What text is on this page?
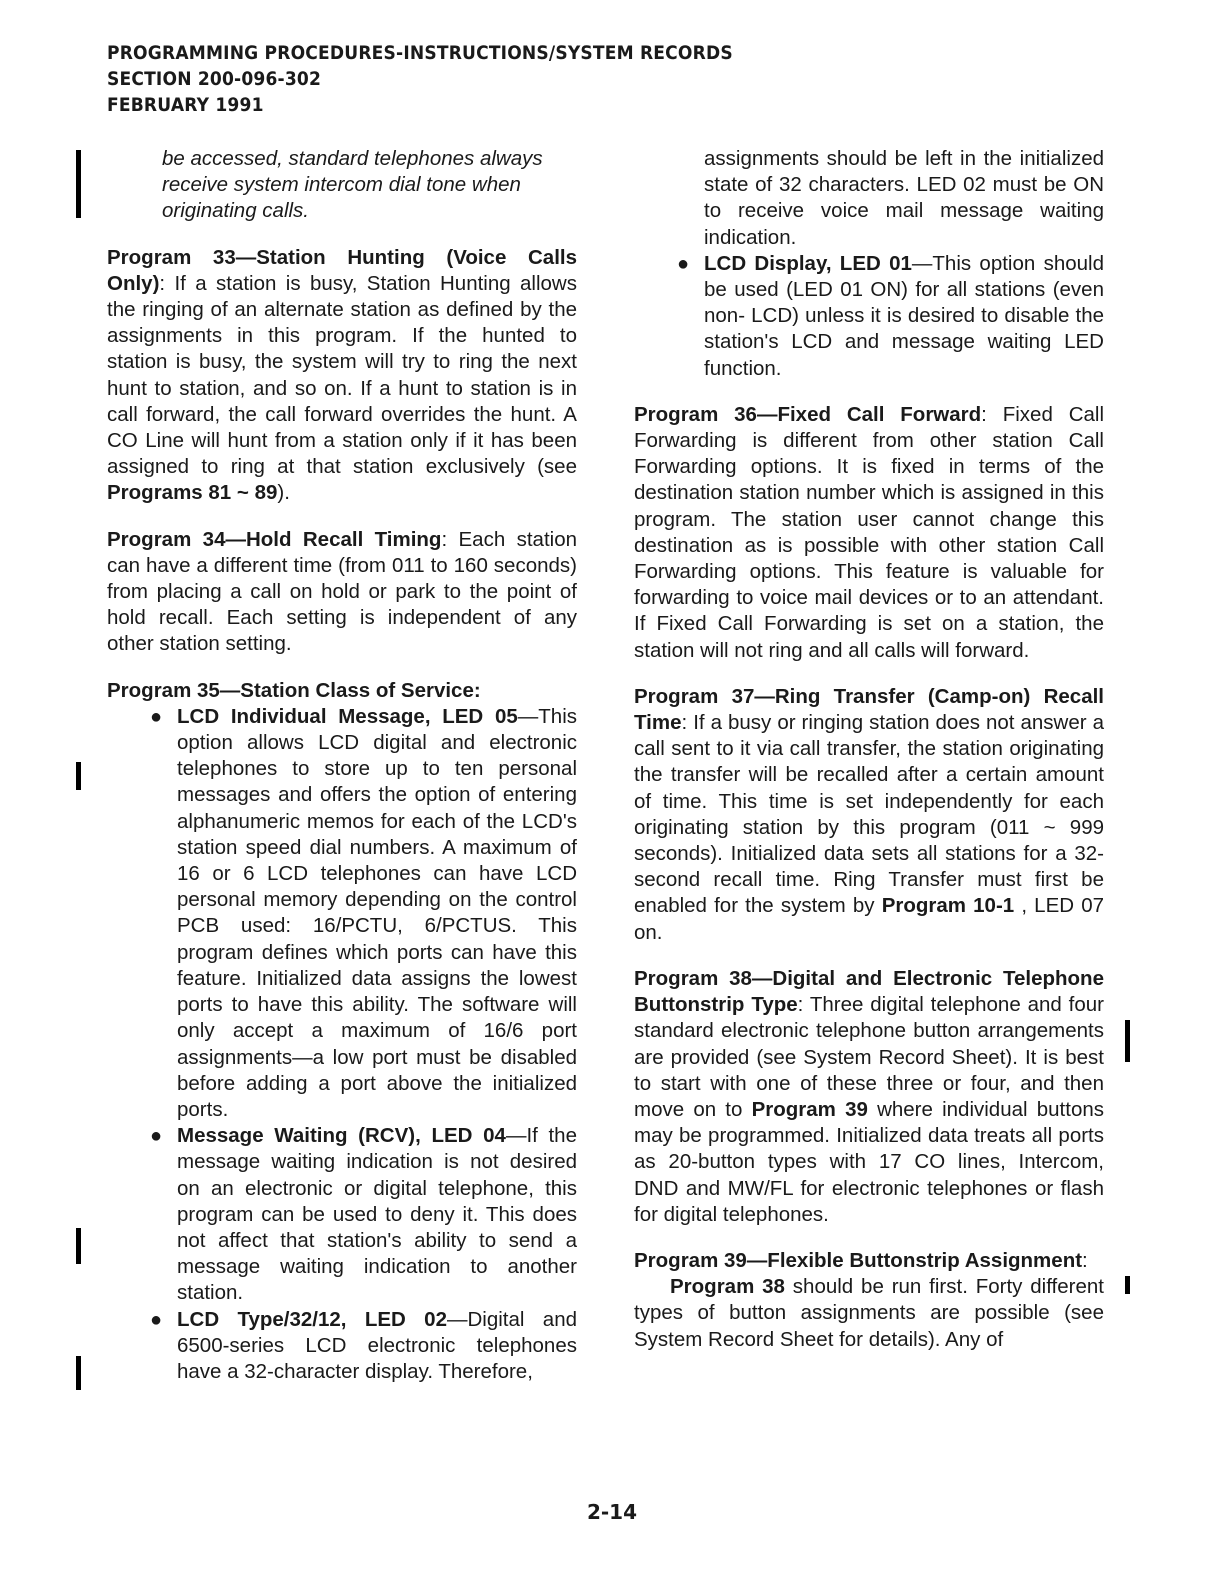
PROGRAMMING PROCEDURES-INSTRUCTIONS/SYSTEM RECORDS
SECTION 200-096-302
FEBRUARY 1991
be accessed, standard telephones always receive system intercom dial tone when originating calls.
Program 33—Station Hunting (Voice Calls Only): If a station is busy, Station Hunting allows the ringing of an alternate station as defined by the assignments in this program. If the hunted to station is busy, the system will try to ring the next hunt to station, and so on. If a hunt to station is in call forward, the call forward overrides the hunt. A CO Line will hunt from a station only if it has been assigned to ring at that station exclusively (see Programs 81 ~ 89).
Program 34—Hold Recall Timing: Each station can have a different time (from 011 to 160 seconds) from placing a call on hold or park to the point of hold recall. Each setting is independent of any other station setting.
Program 35—Station Class of Service:
● LCD Individual Message, LED 05—This option allows LCD digital and electronic telephones to store up to ten personal messages and offers the option of entering alphanumeric memos for each of the LCD's station speed dial numbers. A maximum of 16 or 6 LCD telephones can have LCD personal memory depending on the control PCB used: 16/PCTU, 6/PCTUS. This program defines which ports can have this feature. Initialized data assigns the lowest ports to have this ability. The software will only accept a maximum of 16/6 port assignments—a low port must be disabled before adding a port above the initialized ports.
● Message Waiting (RCV), LED 04—If the message waiting indication is not desired on an electronic or digital telephone, this program can be used to deny it. This does not affect that station's ability to send a message waiting indication to another station.
● LCD Type/32/12, LED 02—Digital and 6500-series LCD electronic telephones have a 32-character display. Therefore,
assignments should be left in the initialized state of 32 characters. LED 02 must be ON to receive voice mail message waiting indication.
● LCD Display, LED 01—This option should be used (LED 01 ON) for all stations (even non- LCD) unless it is desired to disable the station's LCD and message waiting LED function.
Program 36—Fixed Call Forward: Fixed Call Forwarding is different from other station Call Forwarding options. It is fixed in terms of the destination station number which is assigned in this program. The station user cannot change this destination as is possible with other station Call Forwarding options. This feature is valuable for forwarding to voice mail devices or to an attendant. If Fixed Call Forwarding is set on a station, the station will not ring and all calls will forward.
Program 37—Ring Transfer (Camp-on) Recall Time: If a busy or ringing station does not answer a call sent to it via call transfer, the station originating the transfer will be recalled after a certain amount of time. This time is set independently for each originating station by this program (011 ~ 999 seconds). Initialized data sets all stations for a 32-second recall time. Ring Transfer must first be enabled for the system by Program 10-1 , LED 07 on.
Program 38—Digital and Electronic Telephone Buttonstrip Type: Three digital telephone and four standard electronic telephone button arrangements are provided (see System Record Sheet). It is best to start with one of these three or four, and then move on to Program 39 where individual buttons may be programmed. Initialized data treats all ports as 20-button types with 17 CO lines, Intercom, DND and MW/FL for electronic telephones or flash for digital telephones.
Program 39—Flexible Buttonstrip Assignment:
Program 38 should be run first. Forty different types of button assignments are possible (see System Record Sheet for details). Any of
2-14
